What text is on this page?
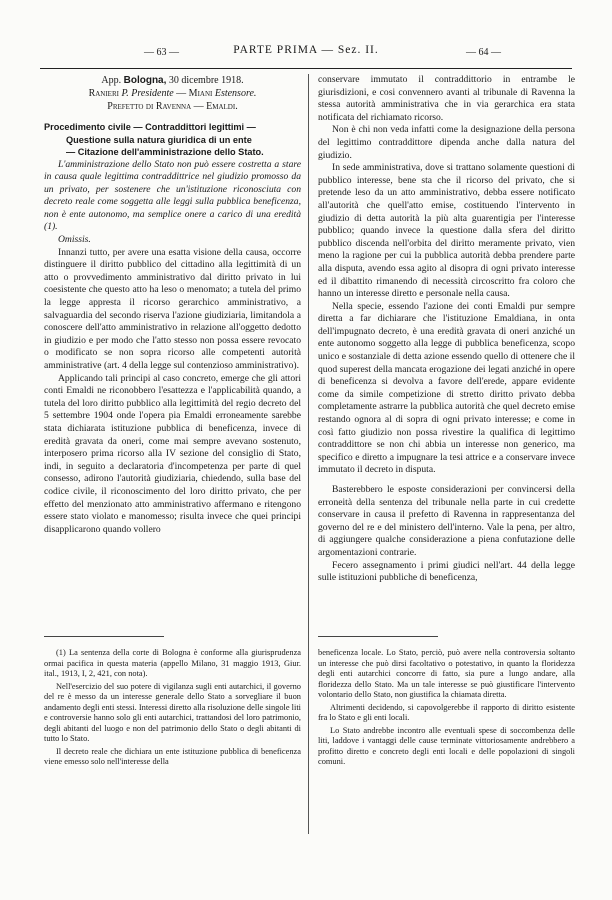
— 63 —	PARTE PRIMA — Sez. II.	— 64 —

App. Bologna, 30 dicembre 1918.

Ranieri P. Presidente — Miani Estensore.

Prefetto di Ravenna — Emaldi.

Procedimento civile — Contraddittori legittimi —

Questione sulla natura giuridica di un ente

— Citazione dell'amministrazione dello Stato.

L'amministrazione dello Stato non può essere costretta a stare in causa quale legittima contraddittrice nel giudizio promosso da un privato, per sostenere che un'istituzione riconosciuta con decreto reale come soggetta alle leggi sulla pubblica beneficenza, non è ente autonomo, ma semplice onere a carico di una eredità (1).

Omissis.

Innanzi tutto, per avere una esatta visione della causa, occorre distinguere il diritto pubblico del cittadino alla legittimità di un atto o provvedimento amministrativo dal diritto privato in lui coesistente che questo atto ha leso o menomato; a tutela del primo la legge appresta il ricorso gerarchico amministrativo, a salvaguardia del secondo riserva l'azione giudiziaria, limitandola a conoscere dell'atto amministrativo in relazione all'oggetto dedotto in giudizio e per modo che l'atto stesso non possa essere revocato o modificato se non sopra ricorso alle competenti autorità amministrative (art. 4 della legge sul contenzioso amministrativo).

Applicando tali principi al caso concreto, emerge che gli attori conti Emaldi ne riconobbero l'esattezza e l'applicabilità quando, a tutela del loro diritto pubblico alla legittimità del regio decreto del 5 settembre 1904 onde l'opera pia Emaldi erroneamente sarebbe stata dichiarata istituzione pubblica di beneficenza, invece di eredità gravata da oneri, come mai sempre avevano sostenuto, interposero prima ricorso alla IV sezione del consiglio di Stato, indi, in seguito a declaratoria d'incompetenza per parte di quel consesso, adirono l'autorità giudiziaria, chiedendo, sulla base del codice civile, il riconoscimento del loro diritto privato, che per effetto del menzionato atto amministrativo affermano e ritengono essere stato violato e manomesso; risulta invece che quei principi disapplicarono quando vollero

conservare immutato il contraddittorio in entrambe le giurisdizioni, e cosi convennero avanti al tribunale di Ravenna la stessa autorità amministrativa che in via gerarchica era stata notificata del richiamato ricorso.

Non è chi non veda infatti come la designazione della persona del legittimo contraddittore dipenda anche dalla natura del giudizio.

In sede amministrativa, dove si trattano solamente questioni di pubblico interesse, bene sta che il ricorso del privato, che si pretende leso da un atto amministrativo, debba essere notificato all'autorità che quell'atto emise, costituendo l'intervento in giudizio di detta autorità la più alta guarentigia per l'interesse pubblico; quando invece la questione dalla sfera del diritto pubblico discenda nell'orbita del diritto meramente privato, vien meno la ragione per cui la pubblica autorità debba prendere parte alla disputa, avendo essa agito al disopra di ogni privato interesse ed il dibattito rimanendo di necessità circoscritto fra coloro che hanno un interesse diretto e personale nella causa.

Nella specie, essendo l'azione dei conti Emaldi pur sempre diretta a far dichiarare che l'istituzione Emaldiana, in onta dell'impugnato decreto, è una eredità gravata di oneri anziché un ente autonomo soggetto alla legge di pubblica beneficenza, scopo unico e sostanziale di detta azione essendo quello di ottenere che il quod superest della mancata erogazione dei legati anziché in opere di beneficenza si devolva a favore dell'erede, appare evidente come da simile competizione di stretto diritto privato debba completamente astrarre la pubblica autorità che quel decreto emise restando ognora al di sopra di ogni privato interesse; e come in così fatto giudizio non possa rivestire la qualifica di legittimo contraddittore se non chi abbia un interesse non generico, ma specifico e diretto a impugnare la tesi attrice e a conservare invece immutato il decreto in disputa.

Basterebbero le esposte considerazioni per convincersi della erroneità della sentenza del tribunale nella parte in cui credette conservare in causa il prefetto di Ravenna in rappresentanza del governo del re e del ministero dell'interno. Vale la pena, per altro, di aggiungere qualche considerazione a piena confutazione delle argomentazioni contrarie.

Fecero assegnamento i primi giudici nell'art. 44 della legge sulle istituzioni pubbliche di beneficenza,

(1) La sentenza della corte di Bologna è conforme alla giurisprudenza ormai pacifica in questa materia (appello Milano, 31 maggio 1913, Giur. ital., 1913, I, 2, 421, con nota).

Nell'esercizio del suo potere di vigilanza sugli enti autarchici, il governo del re è messo da un interesse generale dello Stato a sorvegliare il buon andamento degli enti stessi. Interessi diretto alla risoluzione delle singole liti e controversie hanno solo gli enti autarchici, trattandosi del loro patrimonio, degli abitanti del luogo e non del patrimonio dello Stato o degli abitanti di tutto lo Stato.

Il decreto reale che dichiara un ente istituzione pubblica di beneficenza viene emesso solo nell'interesse della

beneficenza locale. Lo Stato, perciò, può avere nella controversia soltanto un interesse che può dirsi facoltativo o potestativo, in quanto la floridezza degli enti autarchici concorre di fatto, sia pure a lungo andare, alla floridezza dello Stato. Ma un tale interesse se può giustificare l'intervento volontario dello Stato, non giustifica la chiamata diretta.

Altrimenti decidendo, si capovolgerebbe il rapporto di diritto esistente fra lo Stato e gli enti locali.

Lo Stato andrebbe incontro alle eventuali spese di soccombenza delle liti, laddove i vantaggi delle cause terminate vittoriosamente andrebbero a profitto diretto e concreto degli enti locali e delle popolazioni di singoli comuni.
